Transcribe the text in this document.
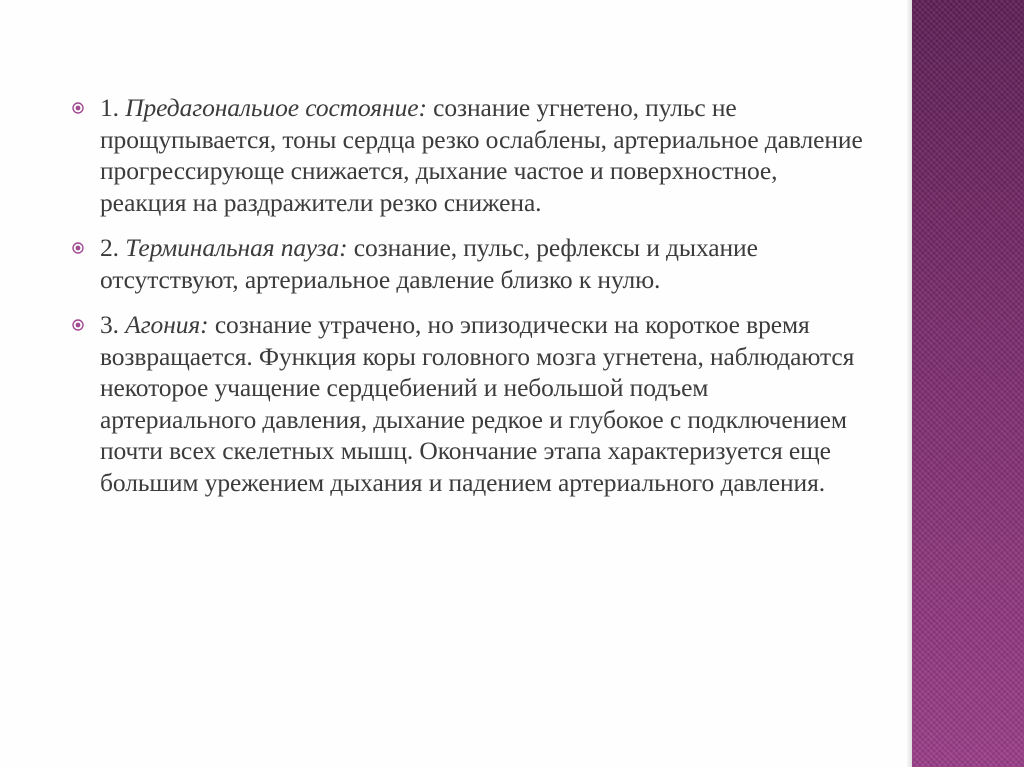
1. Предагональиое состояние: сознание угнетено, пульс не прощупывается, тоны сердца резко ослаблены, артериальное давление прогрессирующе снижается, дыхание частое и поверхностное, реакция на раздражители резко снижена.
2. Терминальная пауза: сознание, пульс, рефлексы и дыхание отсутствуют, артериальное давление близко к нулю.
3. Агония: сознание утрачено, но эпизодически на короткое время возвращается. Функция коры головного мозга угнетена, наблюдаются некоторое учащение сердцебиений и небольшой подъем артериального давления, дыхание редкое и глубокое с подключением почти всех скелетных мышц. Окончание этапа характеризуется еще большим урежением дыхания и падением артериального давления.
